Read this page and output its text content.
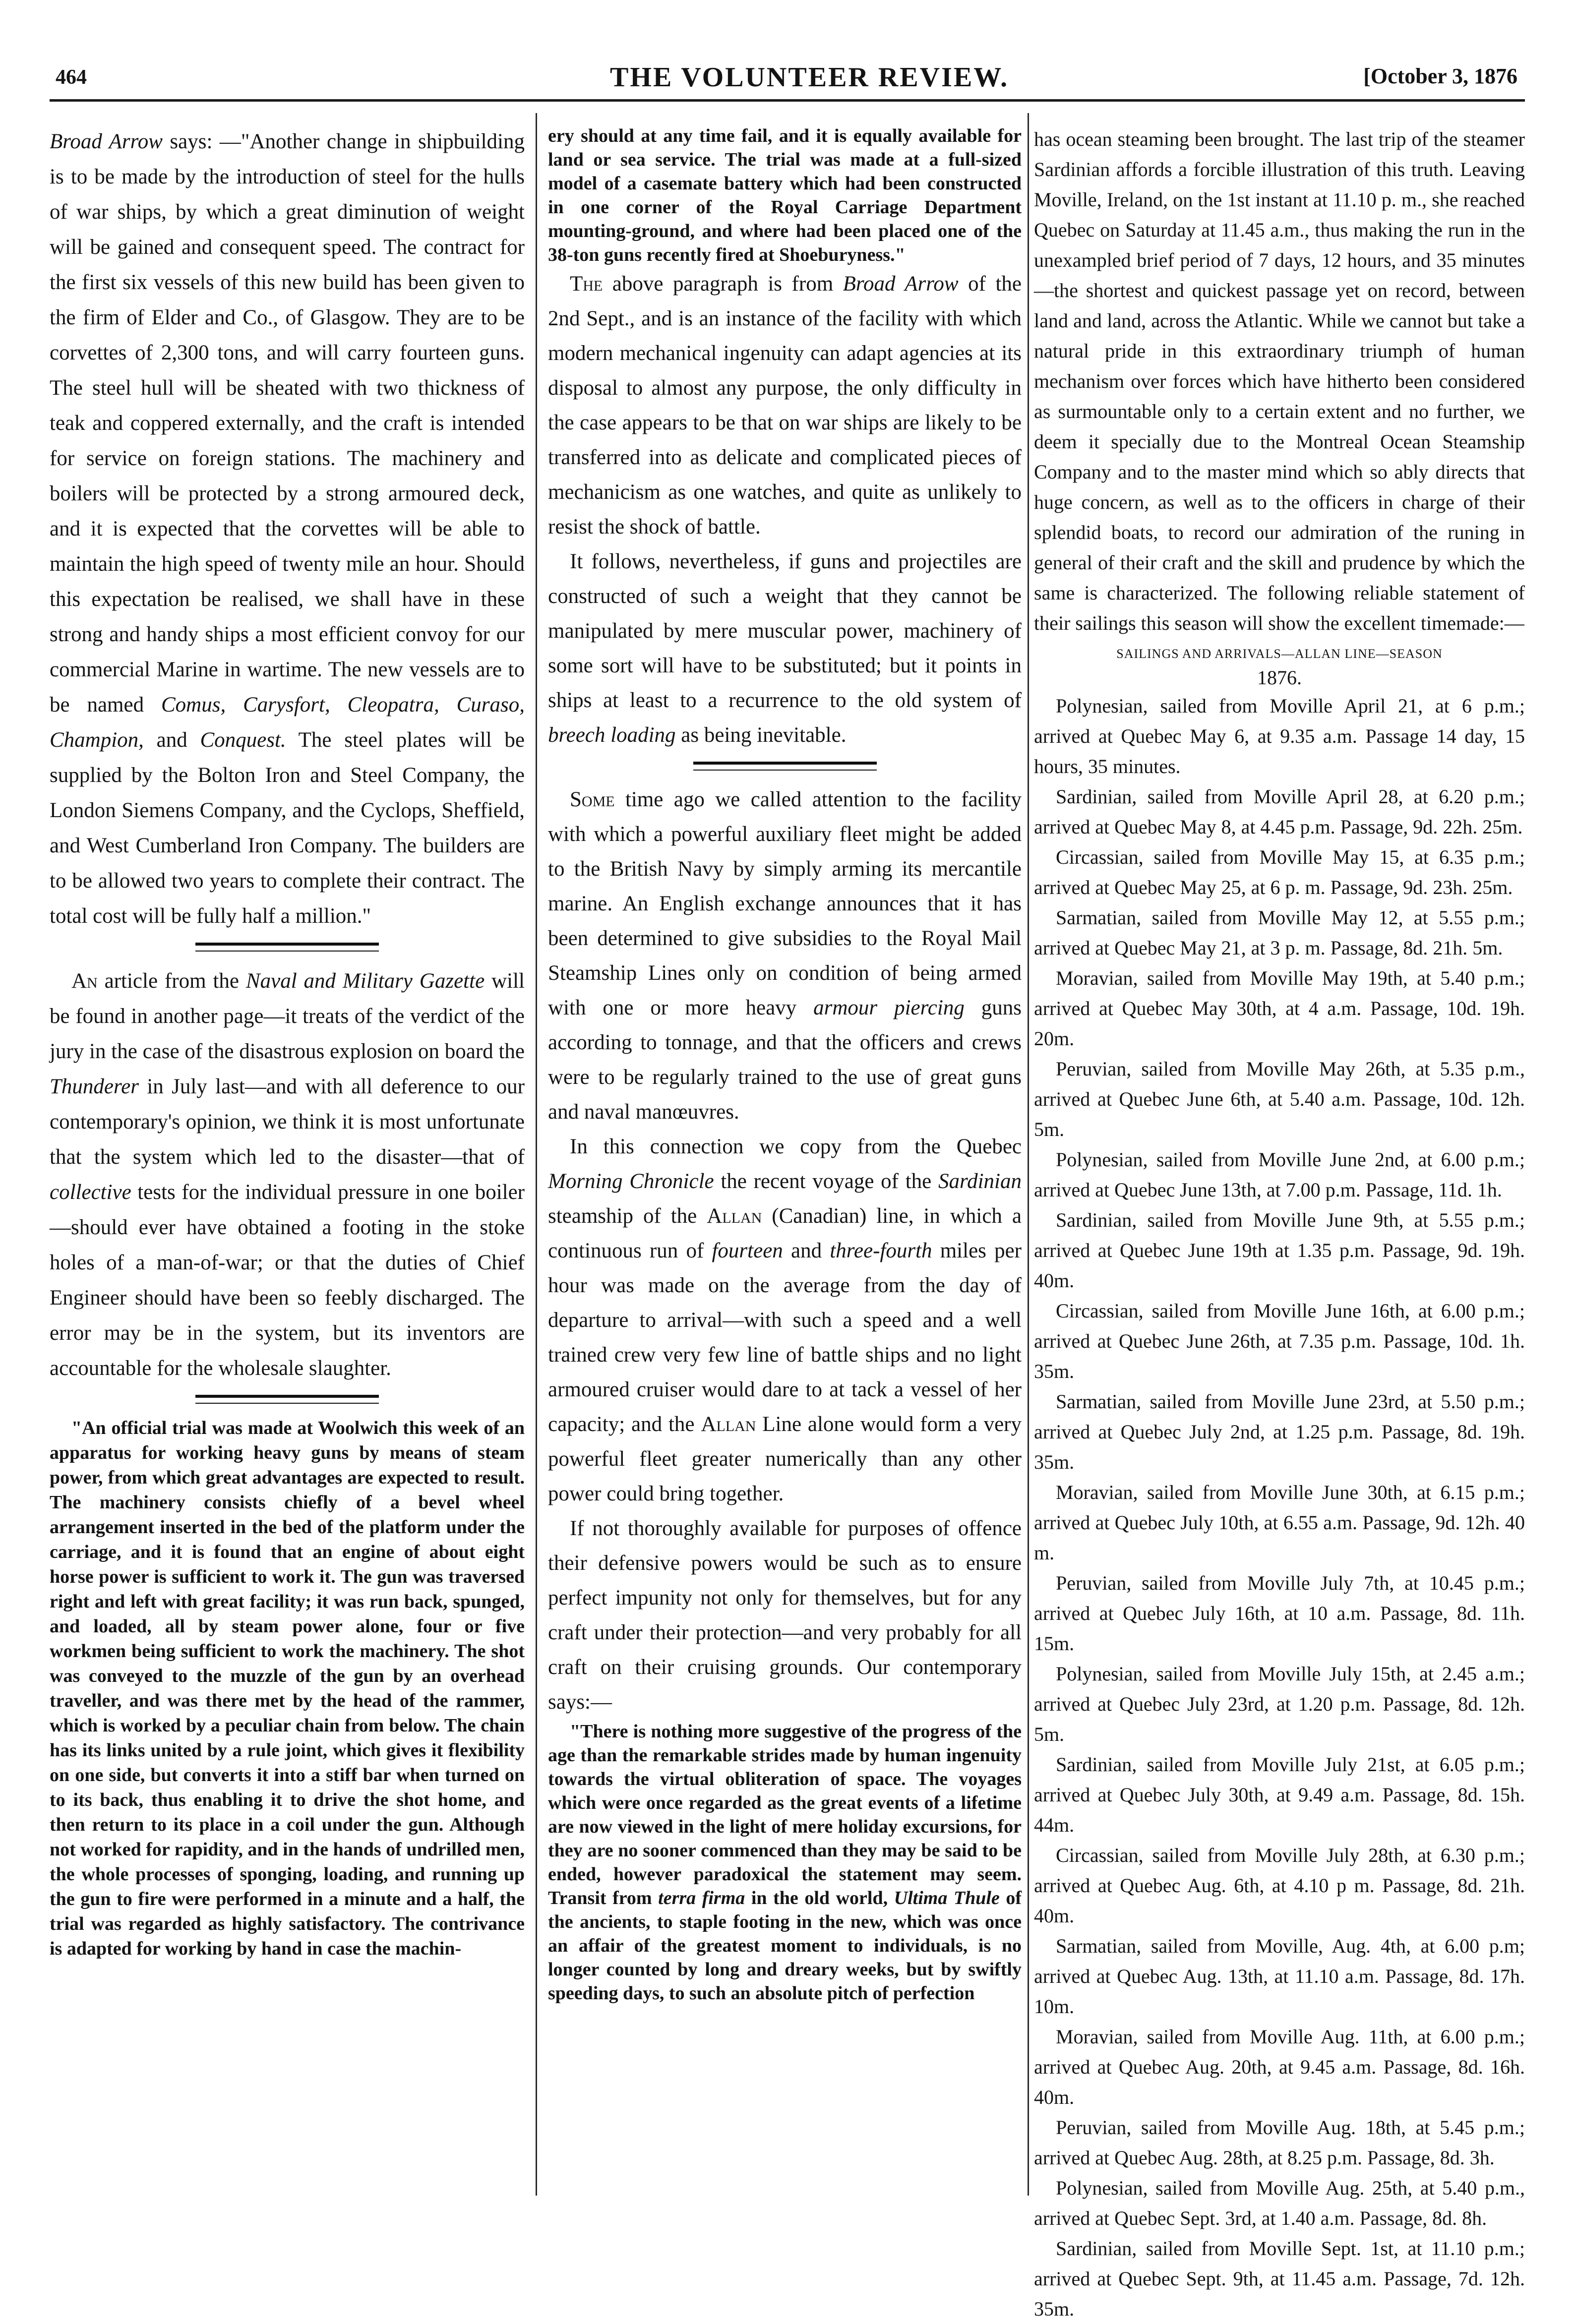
464	THE VOLUNTEER REVIEW.	[October 3, 1876

Broad Arrow says: —"Another change in shipbuilding is to be made by the introduction of steel for the hulls of war ships, by which a great diminution of weight will be gained and consequent speed. The contract for the first six vessels of this new build has been given to the firm of Elder and Co., of Glasgow. They are to be corvettes of 2,300 tons, and will carry fourteen guns. The steel hull will be sheated with two thickness of teak and coppered externally, and the craft is intended for service on foreign stations. The machinery and boilers will be protected by a strong armoured deck, and it is expected that the corvettes will be able to maintain the high speed of twenty mile an hour. Should this expectation be realised, we shall have in these strong and handy ships a most efficient convoy for our commercial Marine in wartime. The new vessels are to be named Comus, Carysfort, Cleopatra, Curaso, Champion, and Conquest. The steel plates will be supplied by the Bolton Iron and Steel Company, the London Siemens Company, and the Cyclops, Sheffield, and West Cumberland Iron Company. The builders are to be allowed two years to complete their contract. The total cost will be fully half a million."

An article from the Naval and Military Gazette will be found in another page—it treats of the verdict of the jury in the case of the disastrous explosion on board the Thunderer in July last—and with all deference to our contemporary's opinion, we think it is most unfortunate that the system which led to the disaster—that of collective tests for the individual pressure in one boiler—should ever have obtained a footing in the stoke holes of a man-of-war; or that the duties of Chief Engineer should have been so feebly discharged. The error may be in the system, but its inventors are accountable for the wholesale slaughter.

"An official trial was made at Woolwich this week of an apparatus for working heavy guns by means of steam power, from which great advantages are expected to result. The machinery consists chiefly of a bevel wheel arrangement inserted in the bed of the platform under the carriage, and it is found that an engine of about eight horse power is sufficient to work it. The gun was traversed right and left with great facility; it was run back, spunged, and loaded, all by steam power alone, four or five workmen being sufficient to work the machinery. The shot was conveyed to the muzzle of the gun by an overhead traveller, and was there met by the head of the rammer, which is worked by a peculiar chain from below. The chain has its links united by a rule joint, which gives it flexibility on one side, but converts it into a stiff bar when turned on to its back, thus enabling it to drive the shot home, and then return to its place in a coil under the gun. Although not worked for rapidity, and in the hands of undrilled men, the whole processes of sponging, loading, and running up the gun to fire were performed in a minute and a half, the trial was regarded as highly satisfactory. The contrivance is adapted for working by hand in case the machin-

ery should at any time fail, and it is equally available for land or sea service. The trial was made at a full-sized model of a casemate battery which had been constructed in one corner of the Royal Carriage Department mounting-ground, and where had been placed one of the 38-ton guns recently fired at Shoeburyness."

The above paragraph is from Broad Arrow of the 2nd Sept., and is an instance of the facility with which modern mechanical ingenuity can adapt agencies at its disposal to almost any purpose, the only difficulty in the case appears to be that on war ships are likely to be transferred into as delicate and complicated pieces of mechanicism as one watches, and quite as unlikely to resist the shock of battle.

It follows, nevertheless, if guns and projectiles are constructed of such a weight that they cannot be manipulated by mere muscular power, machinery of some sort will have to be substituted; but it points in ships at least to a recurrence to the old system of breech loading as being inevitable.

Some time ago we called attention to the facility with which a powerful auxiliary fleet might be added to the British Navy by simply arming its mercantile marine. An English exchange announces that it has been determined to give subsidies to the Royal Mail Steamship Lines only on condition of being armed with one or more heavy armour piercing guns according to tonnage, and that the officers and crews were to be regularly trained to the use of great guns and naval manœuvres.

In this connection we copy from the Quebec Morning Chronicle the recent voyage of the Sardinian steamship of the Allan (Canadian) line, in which a continuous run of fourteen and three-fourth miles per hour was made on the average from the day of departure to arrival—with such a speed and a well trained crew very few line of battle ships and no light armoured cruiser would dare to at tack a vessel of her capacity; and the Allan Line alone would form a very powerful fleet greater numerically than any other power could bring together.

If not thoroughly available for purposes of offence their defensive powers would be such as to ensure perfect impunity not only for themselves, but for any craft under their protection—and very probably for all craft on their cruising grounds. Our contemporary says:—

"There is nothing more suggestive of the progress of the age than the remarkable strides made by human ingenuity towards the virtual obliteration of space. The voyages which were once regarded as the great events of a lifetime are now viewed in the light of mere holiday excursions, for they are no sooner commenced than they may be said to be ended, however paradoxical the statement may seem. Transit from terra firma in the old world, Ultima Thule of the ancients, to staple footing in the new, which was once an affair of the greatest moment to individuals, is no longer counted by long and dreary weeks, but by swiftly speeding days, to such an absolute pitch of perfection

has ocean steaming been brought. The last trip of the steamer Sardinian affords a forcible illustration of this truth. Leaving Moville, Ireland, on the 1st instant at 11.10 p. m., she reached Quebec on Saturday at 11.45 a.m., thus making the run in the unexampled brief period of 7 days, 12 hours, and 35 minutes—the shortest and quickest passage yet on record, between land and land, across the Atlantic. While we cannot but take a natural pride in this extraordinary triumph of human mechanism over forces which have hitherto been considered as surmountable only to a certain extent and no further, we deem it specially due to the Montreal Ocean Steamship Company and to the master mind which so ably directs that huge concern, as well as to the officers in charge of their splendid boats, to record our admiration of the runing in general of their craft and the skill and prudence by which the same is characterized. The following reliable statement of their sailings this season will show the excellent timemade:—

SAILINGS AND ARRIVALS—ALLAN LINE—SEASON

1876.

Polynesian, sailed from Moville April 21, at 6 p.m.; arrived at Quebec May 6, at 9.35 a.m. Passage 14 day, 15 hours, 35 minutes.

Sardinian, sailed from Moville April 28, at 6.20 p.m.; arrived at Quebec May 8, at 4.45 p.m. Passage, 9d. 22h. 25m.

Circassian, sailed from Moville May 15, at 6.35 p.m.; arrived at Quebec May 25, at 6 p. m. Passage, 9d. 23h. 25m.

Sarmatian, sailed from Moville May 12, at 5.55 p.m.; arrived at Quebec May 21, at 3 p. m. Passage, 8d. 21h. 5m.

Moravian, sailed from Moville May 19th, at 5.40 p.m.; arrived at Quebec May 30th, at 4 a.m. Passage, 10d. 19h. 20m.

Peruvian, sailed from Moville May 26th, at 5.35 p.m., arrived at Quebec June 6th, at 5.40 a.m. Passage, 10d. 12h. 5m.

Polynesian, sailed from Moville June 2nd, at 6.00 p.m.; arrived at Quebec June 13th, at 7.00 p.m. Passage, 11d. 1h.

Sardinian, sailed from Moville June 9th, at 5.55 p.m.; arrived at Quebec June 19th at 1.35 p.m. Passage, 9d. 19h. 40m.

Circassian, sailed from Moville June 16th, at 6.00 p.m.; arrived at Quebec June 26th, at 7.35 p.m. Passage, 10d. 1h. 35m.

Sarmatian, sailed from Moville June 23rd, at 5.50 p.m.; arrived at Quebec July 2nd, at 1.25 p.m. Passage, 8d. 19h. 35m.

Moravian, sailed from Moville June 30th, at 6.15 p.m.; arrived at Quebec July 10th, at 6.55 a.m. Passage, 9d. 12h. 40 m.

Peruvian, sailed from Moville July 7th, at 10.45 p.m.; arrived at Quebec July 16th, at 10 a.m. Passage, 8d. 11h. 15m.

Polynesian, sailed from Moville July 15th, at 2.45 a.m.; arrived at Quebec July 23rd, at 1.20 p.m. Passage, 8d. 12h. 5m.

Sardinian, sailed from Moville July 21st, at 6.05 p.m.; arrived at Quebec July 30th, at 9.49 a.m. Passage, 8d. 15h. 44m.

Circassian, sailed from Moville July 28th, at 6.30 p.m.; arrived at Quebec Aug. 6th, at 4.10 p m. Passage, 8d. 21h. 40m.

Sarmatian, sailed from Moville, Aug. 4th, at 6.00 p.m; arrived at Quebec Aug. 13th, at 11.10 a.m. Passage, 8d. 17h. 10m.

Moravian, sailed from Moville Aug. 11th, at 6.00 p.m.; arrived at Quebec Aug. 20th, at 9.45 a.m. Passage, 8d. 16h. 40m.

Peruvian, sailed from Moville Aug. 18th, at 5.45 p.m.; arrived at Quebec Aug. 28th, at 8.25 p.m. Passage, 8d. 3h.

Polynesian, sailed from Moville Aug. 25th, at 5.40 p.m., arrived at Quebec Sept. 3rd, at 1.40 a.m. Passage, 8d. 8h.

Sardinian, sailed from Moville Sept. 1st, at 11.10 p.m.; arrived at Quebec Sept. 9th, at 11.45 a.m. Passage, 7d. 12h. 35m.
